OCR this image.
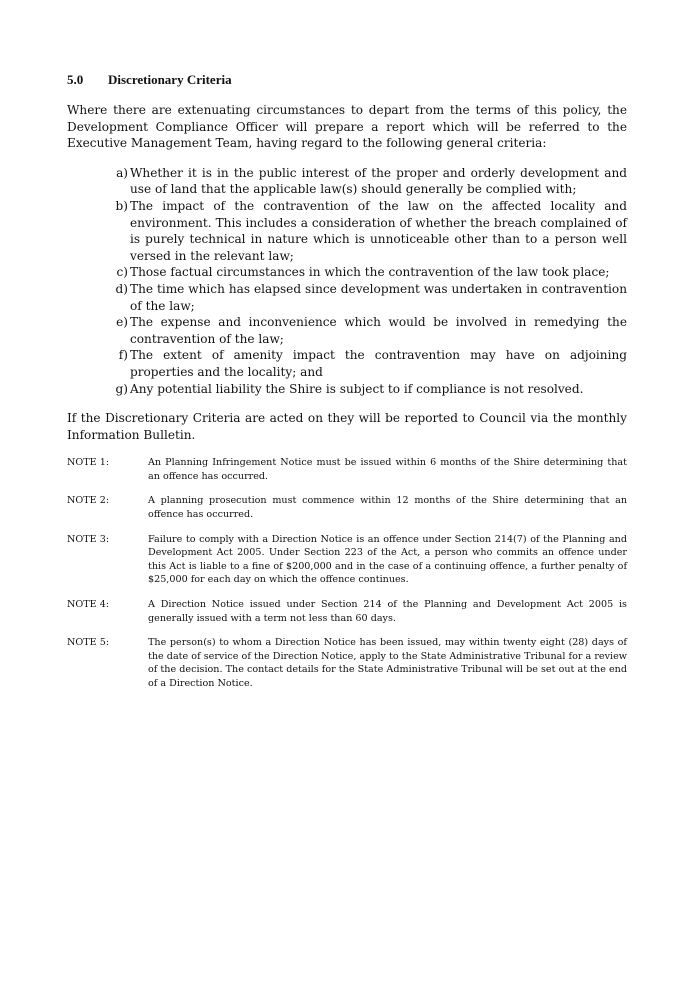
5.0	Discretionary Criteria

Where there are extenuating circumstances to depart from the terms of this policy, the Development Compliance Officer will prepare a report which will be referred to the Executive Management Team, having regard to the following general criteria:

a) Whether it is in the public interest of the proper and orderly development and use of land that the applicable law(s) should generally be complied with;
b) The impact of the contravention of the law on the affected locality and environment. This includes a consideration of whether the breach complained of is purely technical in nature which is unnoticeable other than to a person well versed in the relevant law;
c) Those factual circumstances in which the contravention of the law took place;
d) The time which has elapsed since development was undertaken in contravention of the law;
e) The expense and inconvenience which would be involved in remedying the contravention of the law;
f) The extent of amenity impact the contravention may have on adjoining properties and the locality; and
g) Any potential liability the Shire is subject to if compliance is not resolved.

If the Discretionary Criteria are acted on they will be reported to Council via the monthly Information Bulletin.

NOTE 1:	An Planning Infringement Notice must be issued within 6 months of the Shire determining that an offence has occurred.
NOTE 2:	A planning prosecution must commence within 12 months of the Shire determining that an offence has occurred.
NOTE 3:	Failure to comply with a Direction Notice is an offence under Section 214(7) of the Planning and Development Act 2005. Under Section 223 of the Act, a person who commits an offence under this Act is liable to a fine of $200,000 and in the case of a continuing offence, a further penalty of $25,000 for each day on which the offence continues.
NOTE 4:	A Direction Notice issued under Section 214 of the Planning and Development Act 2005 is generally issued with a term not less than 60 days.
NOTE 5:	The person(s) to whom a Direction Notice has been issued, may within twenty eight (28) days of the date of service of the Direction Notice, apply to the State Administrative Tribunal for a review of the decision. The contact details for the State Administrative Tribunal will be set out at the end of a Direction Notice.
